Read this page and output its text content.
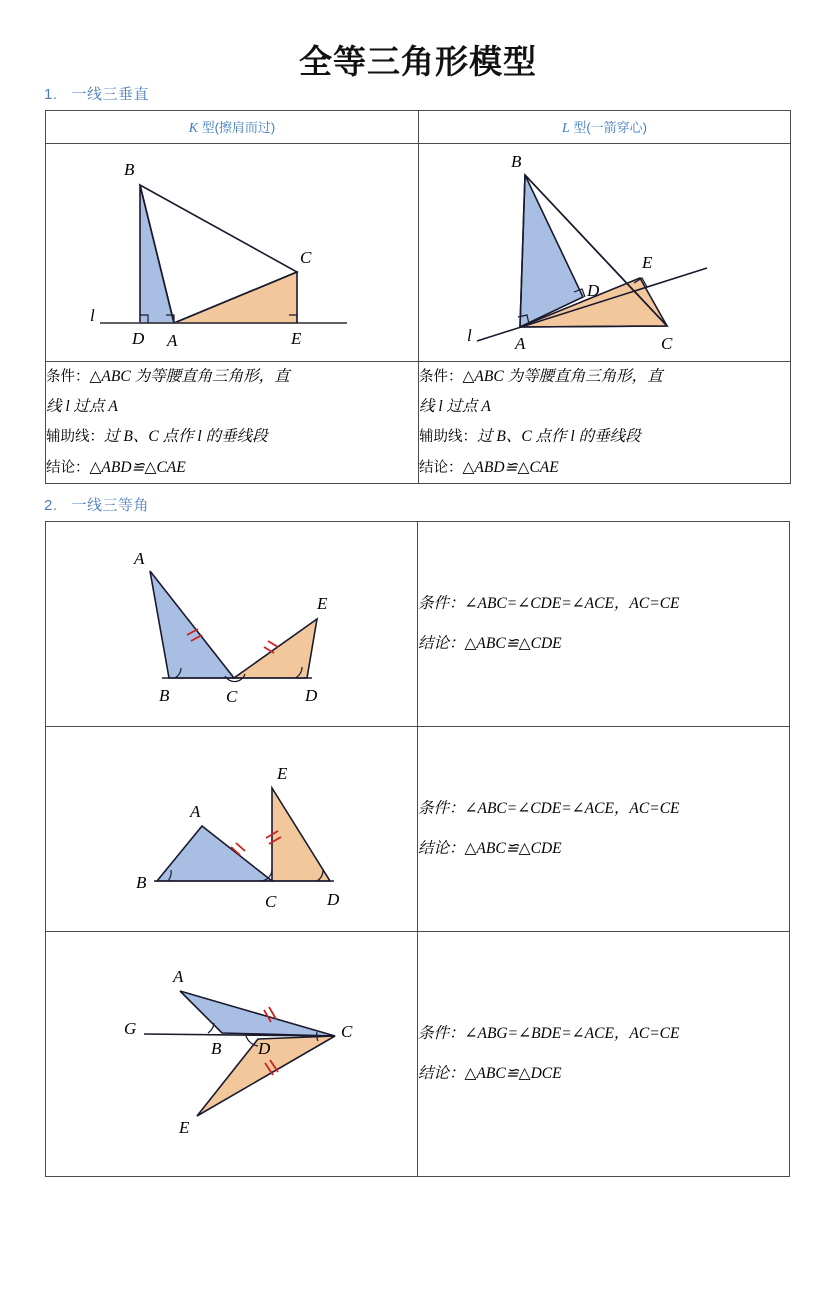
全等三角形模型
1. 一线三垂直
K 型(擦肩而过)	L 型(一箭穿心)

B
C
D A	E
l

B
D
E
A	C
l

条件：△ABC 为等腰直角三角形，直
线 l 过点 A
辅助线：过 B、C 点作 l 的垂线段
结论：△ABD≌△CAE

条件：△ABC 为等腰直角三角形，直
线 l 过点 A
辅助线：过 B、C 点作 l 的垂线段
结论：△ABD≌△CAE
2. 一线三等角
A
E
B	C	D

条件：∠ABC=∠CDE=∠ACE，AC=CE
结论：△ABC≌△CDE

E
A
B
C	D

条件：∠ABC=∠CDE=∠ACE，AC=CE
结论：△ABC≌△CDE

A
G
B D
C
E

条件：∠ABG=∠BDE=∠ACE，AC=CE
结论：△ABC≌△DCE
